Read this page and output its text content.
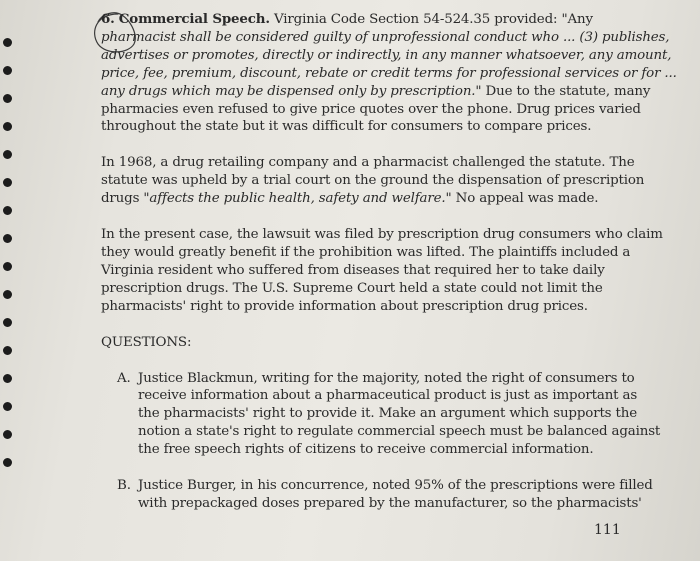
6. Commercial Speech. Virginia Code Section 54-524.35 provided: "Any
pharmacist shall be considered guilty of unprofessional conduct who ... (3) publishes,
advertises or promotes, directly or indirectly, in any manner whatsoever, any amount,
price, fee, premium, discount, rebate or credit terms for professional services or for ...
any drugs which may be dispensed only by prescription." Due to the statute, many
pharmacies even refused to give price quotes over the phone. Drug prices varied
throughout the state but it was difficult for consumers to compare prices.
In 1968, a drug retailing company and a pharmacist challenged the statute. The
statute was upheld by a trial court on the ground the dispensation of prescription
drugs "affects the public health, safety and welfare." No appeal was made.
In the present case, the lawsuit was filed by prescription drug consumers who claim
they would greatly benefit if the prohibition was lifted. The plaintiffs included a
Virginia resident who suffered from diseases that required her to take daily
prescription drugs. The U.S. Supreme Court held a state could not limit the
pharmacists' right to provide information about prescription drug prices.
QUESTIONS:
A. Justice Blackmun, writing for the majority, noted the right of consumers to
receive information about a pharmaceutical product is just as important as
the pharmacists' right to provide it. Make an argument which supports the
notion a state's right to regulate commercial speech must be balanced against
the free speech rights of citizens to receive commercial information.
B. Justice Burger, in his concurrence, noted 95% of the prescriptions were filled
with prepackaged doses prepared by the manufacturer, so the pharmacists'
111
